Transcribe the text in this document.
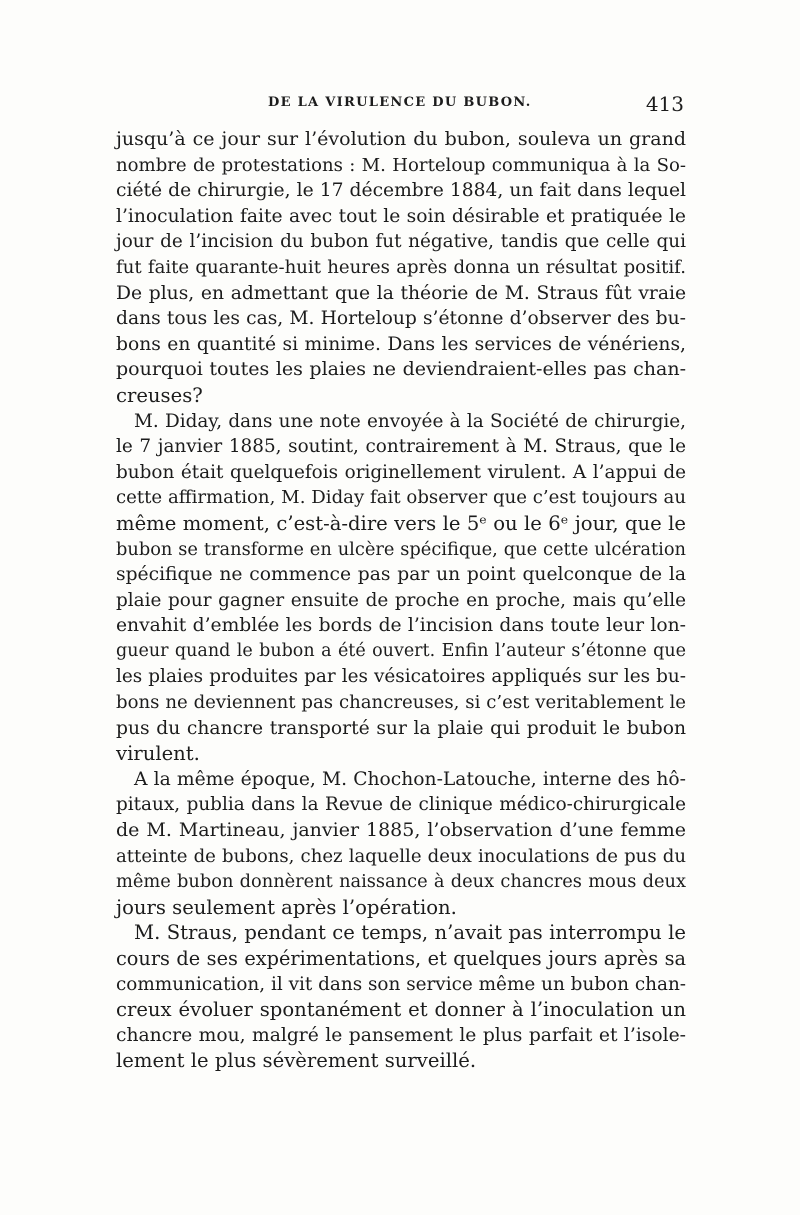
DE LA VIRULENCE DU BUBON.	413
jusqu’à ce jour sur l’évolution du bubon, souleva un grand
nombre de protestations : M. Horteloup communiqua à la So-
ciété de chirurgie, le 17 décembre 1884, un fait dans lequel
l’inoculation faite avec tout le soin désirable et pratiquée le
jour de l’incision du bubon fut négative, tandis que celle qui
fut faite quarante-huit heures après donna un résultat positif.
De plus, en admettant que la théorie de M. Straus fût vraie
dans tous les cas, M. Horteloup s’étonne d’observer des bu-
bons en quantité si minime. Dans les services de vénériens,
pourquoi toutes les plaies ne deviendraient-elles pas chan-
creuses?
M. Diday, dans une note envoyée à la Société de chirurgie,
le 7 janvier 1885, soutint, contrairement à M. Straus, que le
bubon était quelquefois originellement virulent. A l’appui de
cette affirmation, M. Diday fait observer que c’est toujours au
même moment, c’est-à-dire vers le 5ᵉ ou le 6ᵉ jour, que le
bubon se transforme en ulcère spécifique, que cette ulcération
spécifique ne commence pas par un point quelconque de la
plaie pour gagner ensuite de proche en proche, mais qu’elle
envahit d’emblée les bords de l’incision dans toute leur lon-
gueur quand le bubon a été ouvert. Enfin l’auteur s’étonne que
les plaies produites par les vésicatoires appliqués sur les bu-
bons ne deviennent pas chancreuses, si c’est veritablement le
pus du chancre transporté sur la plaie qui produit le bubon
virulent.
A la même époque, M. Chochon-Latouche, interne des hô-
pitaux, publia dans la Revue de clinique médico-chirurgicale
de M. Martineau, janvier 1885, l’observation d’une femme
atteinte de bubons, chez laquelle deux inoculations de pus du
même bubon donnèrent naissance à deux chancres mous deux
jours seulement après l’opération.
M. Straus, pendant ce temps, n’avait pas interrompu le
cours de ses expérimentations, et quelques jours après sa
communication, il vit dans son service même un bubon chan-
creux évoluer spontanément et donner à l’inoculation un
chancre mou, malgré le pansement le plus parfait et l’isole-
lement le plus sévèrement surveillé.
